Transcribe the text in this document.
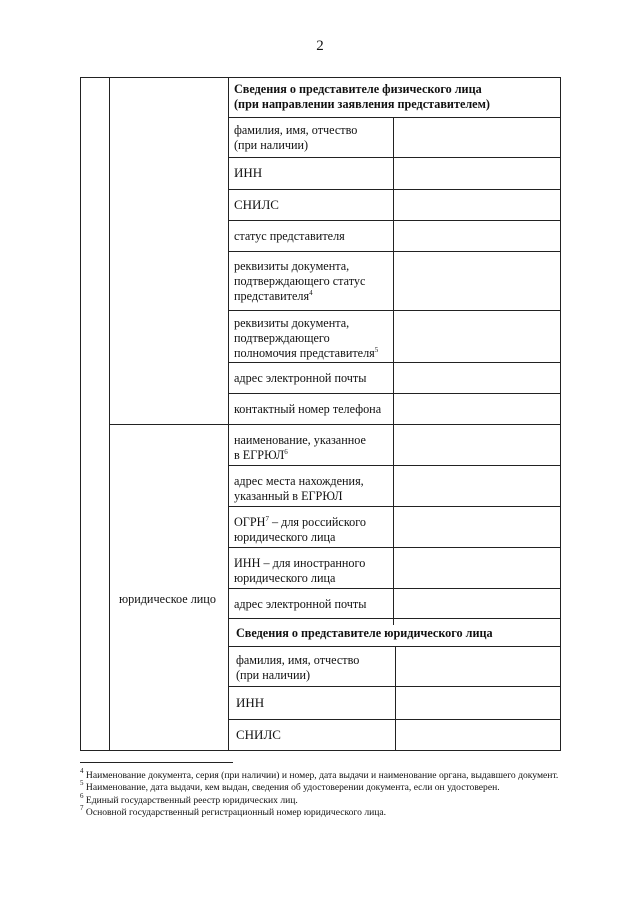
2
Сведения о представителе физического лица
(при направлении заявления представителем)
фамилия, имя, отчество
(при наличии)
ИНН
СНИЛС
статус представителя
реквизиты документа,
подтверждающего статус
представителя$^4$
реквизиты документа,
подтверждающего
полномочия представителя$^5$
адрес электронной почты
контактный номер телефона
юридическое лицо
наименование, указанное
в ЕГРЮЛ$^6$
адрес места нахождения,
указанный в ЕГРЮЛ
ОГРН$^7$ – для российского
юридического лица
ИНН – для иностранного
юридического лица
адрес электронной почты
Сведения о представителе юридического лица
фамилия, имя, отчество
(при наличии)
ИНН
СНИЛС

$^4$ Наименование документа, серия (при наличии) и номер, дата выдачи и наименование органа, выдавшего документ.

$^5$ Наименование, дата выдачи, кем выдан, сведения об удостоверении документа, если он удостоверен.

$^6$ Единый государственный реестр юридических лиц.

$^7$ Основной государственный регистрационный номер юридического лица.
